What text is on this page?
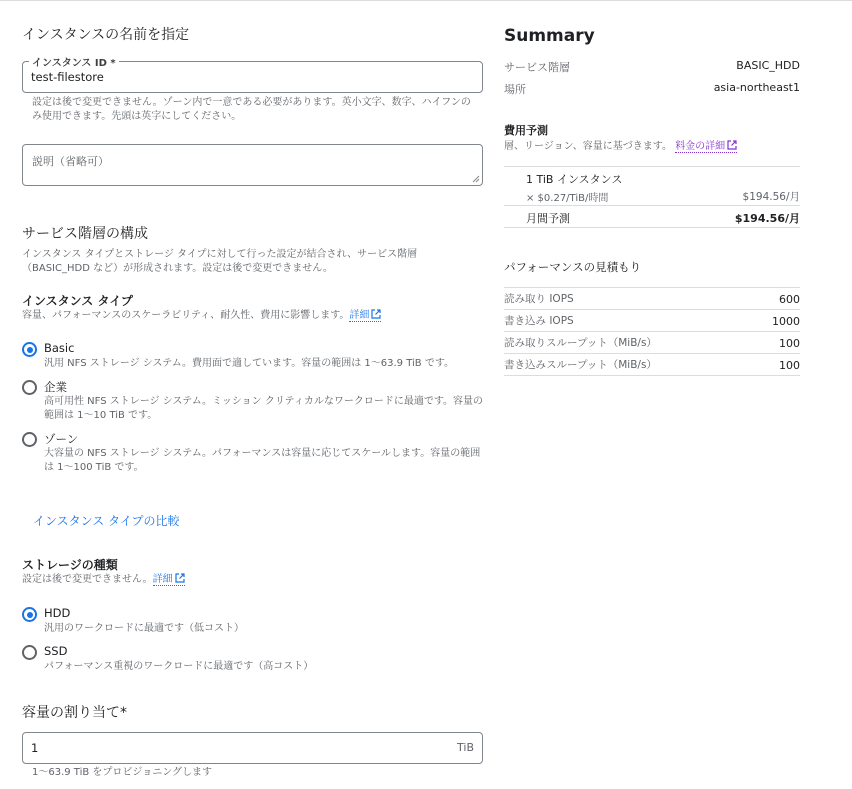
インスタンスの名前を指定
インスタンス ID *
test-filestore
設定は後で変更できません。ゾーン内で一意である必要があります。英小文字、数字、ハイフンのみ使用できます。先頭は英字にしてください。
説明（省略可）
サービス階層の構成
インスタンス タイプとストレージ タイプに対して行った設定が結合され、サービス階層（BASIC_HDD など）が形成されます。設定は後で変更できません。
インスタンス タイプ
容量、パフォーマンスのスケーラビリティ、耐久性、費用に影響します。詳細
Basic
汎用 NFS ストレージ システム。費用面で適しています。容量の範囲は 1〜63.9 TiB です。
企業
高可用性 NFS ストレージ システム。ミッション クリティカルなワークロードに最適です。容量の範囲は 1〜10 TiB です。
ゾーン
大容量の NFS ストレージ システム。パフォーマンスは容量に応じてスケールします。容量の範囲は 1〜100 TiB です。
インスタンス タイプの比較
ストレージの種類
設定は後で変更できません。詳細
HDD
汎用のワークロードに最適です（低コスト）
SSD
パフォーマンス重視のワークロードに最適です（高コスト）
容量の割り当て*
1	TiB
1〜63.9 TiB をプロビジョニングします
Summary
サービス階層	BASIC_HDD
場所	asia-northeast1
費用予測
層、リージョン、容量に基づきます。 料金の詳細
1 TiB インスタンス
× $0.27/TiB/時間	$194.56/月
月間予測	$194.56/月
パフォーマンスの見積もり
読み取り IOPS	600
書き込み IOPS	1000
読み取りスループット（MiB/s）	100
書き込みスループット（MiB/s）	100
